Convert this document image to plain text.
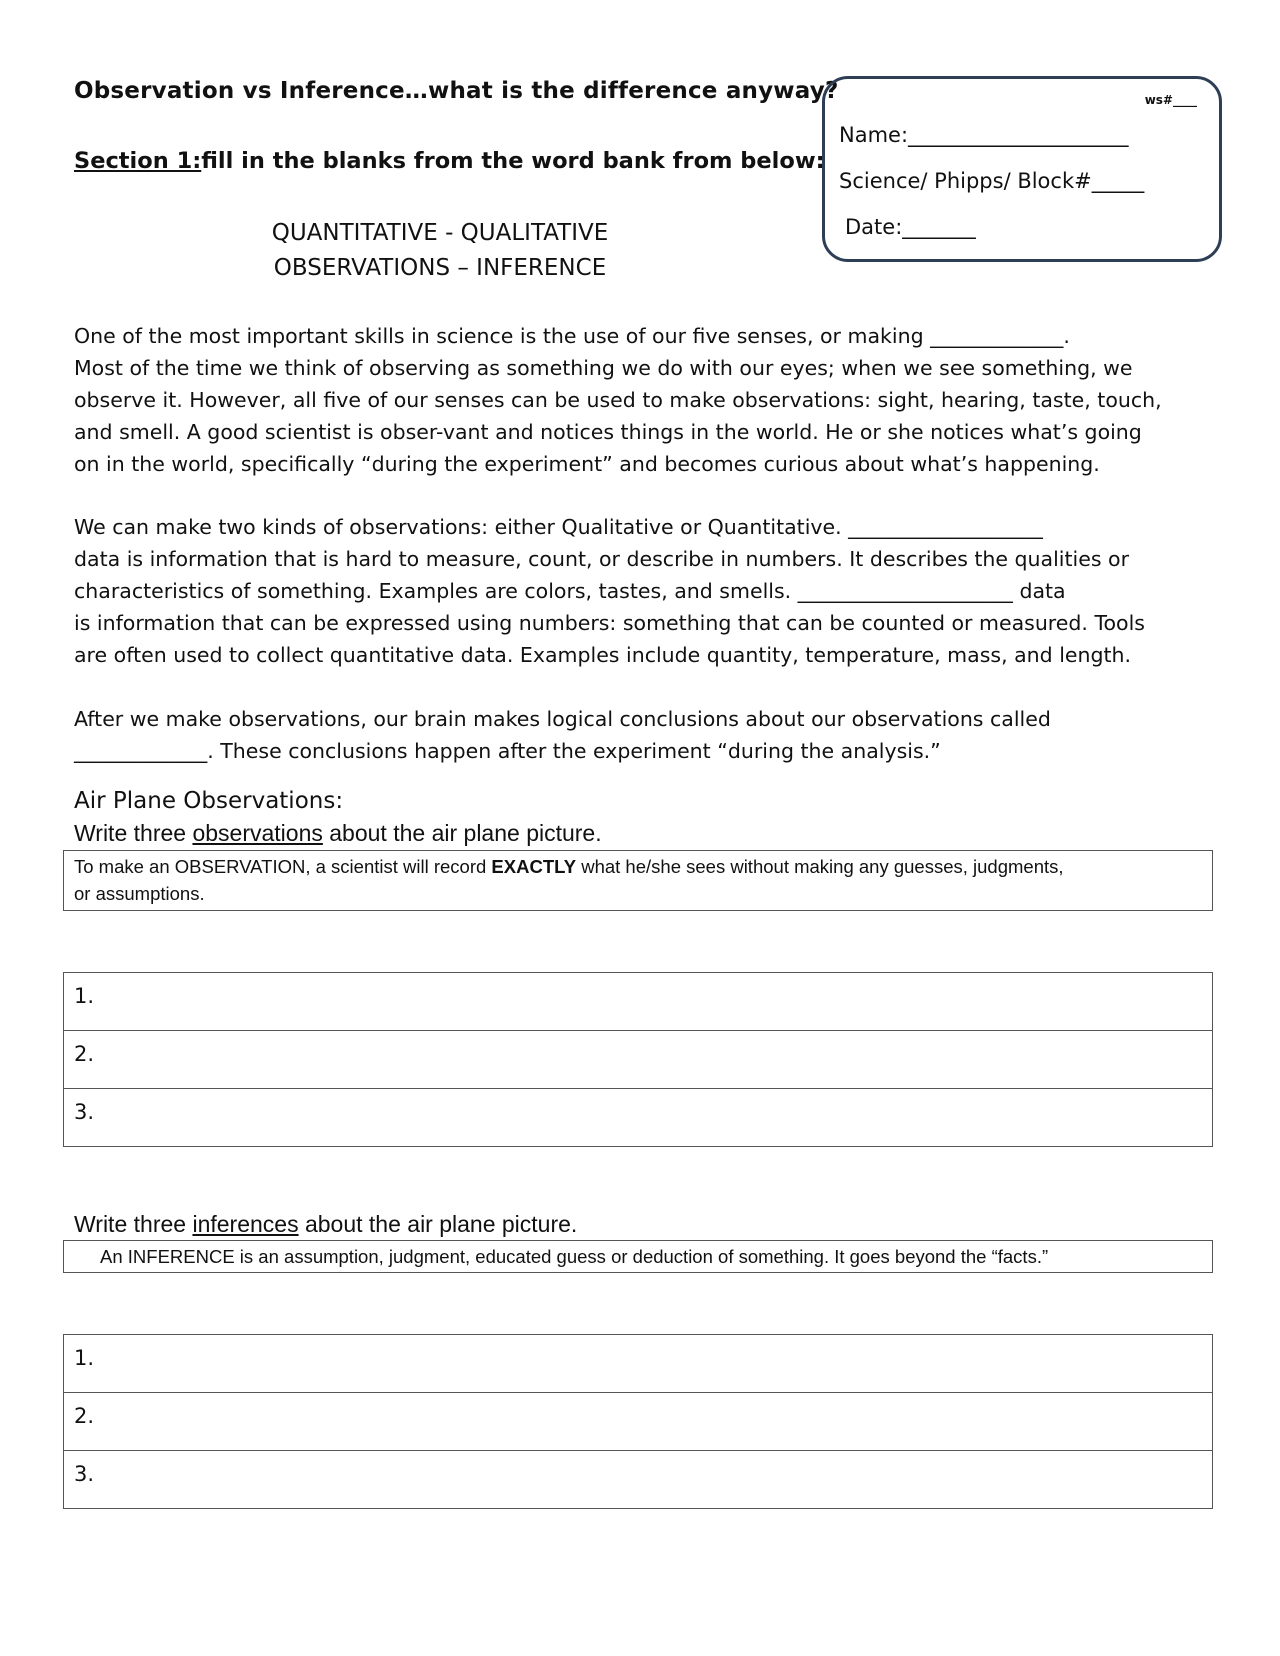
Observation vs Inference…what is the difference anyway?
Section 1:fill in the blanks from the word bank from below:
QUANTITATIVE - QUALITATIVE
OBSERVATIONS – INFERENCE
ws#____
Name:_____________________
Science/ Phipps/ Block#_____
Date:_______
One of the most important skills in science is the use of our five senses, or making _____________.
Most of the time we think of observing as something we do with our eyes; when we see something, we
observe it. However, all five of our senses can be used to make observations: sight, hearing, taste, touch,
and smell. A good scientist is obser-vant and notices things in the world. He or she notices what’s going
on in the world, specifically “during the experiment” and becomes curious about what’s happening.
We can make two kinds of observations: either Qualitative or Quantitative. ___________________
data is information that is hard to measure, count, or describe in numbers. It describes the qualities or
characteristics of something. Examples are colors, tastes, and smells. _____________________ data
is information that can be expressed using numbers: something that can be counted or measured. Tools
are often used to collect quantitative data. Examples include quantity, temperature, mass, and length.
After we make observations, our brain makes logical conclusions about our observations called
_____________. These conclusions happen after the experiment “during the analysis.”
Air Plane Observations:
Write three observations about the air plane picture.
To make an OBSERVATION, a scientist will record EXACTLY what he/she sees without making any guesses, judgments,
or assumptions.
1.

2.

3.
Write three inferences about the air plane picture.
An INFERENCE is an assumption, judgment, educated guess or deduction of something. It goes beyond the “facts.”
1.

2.

3.
